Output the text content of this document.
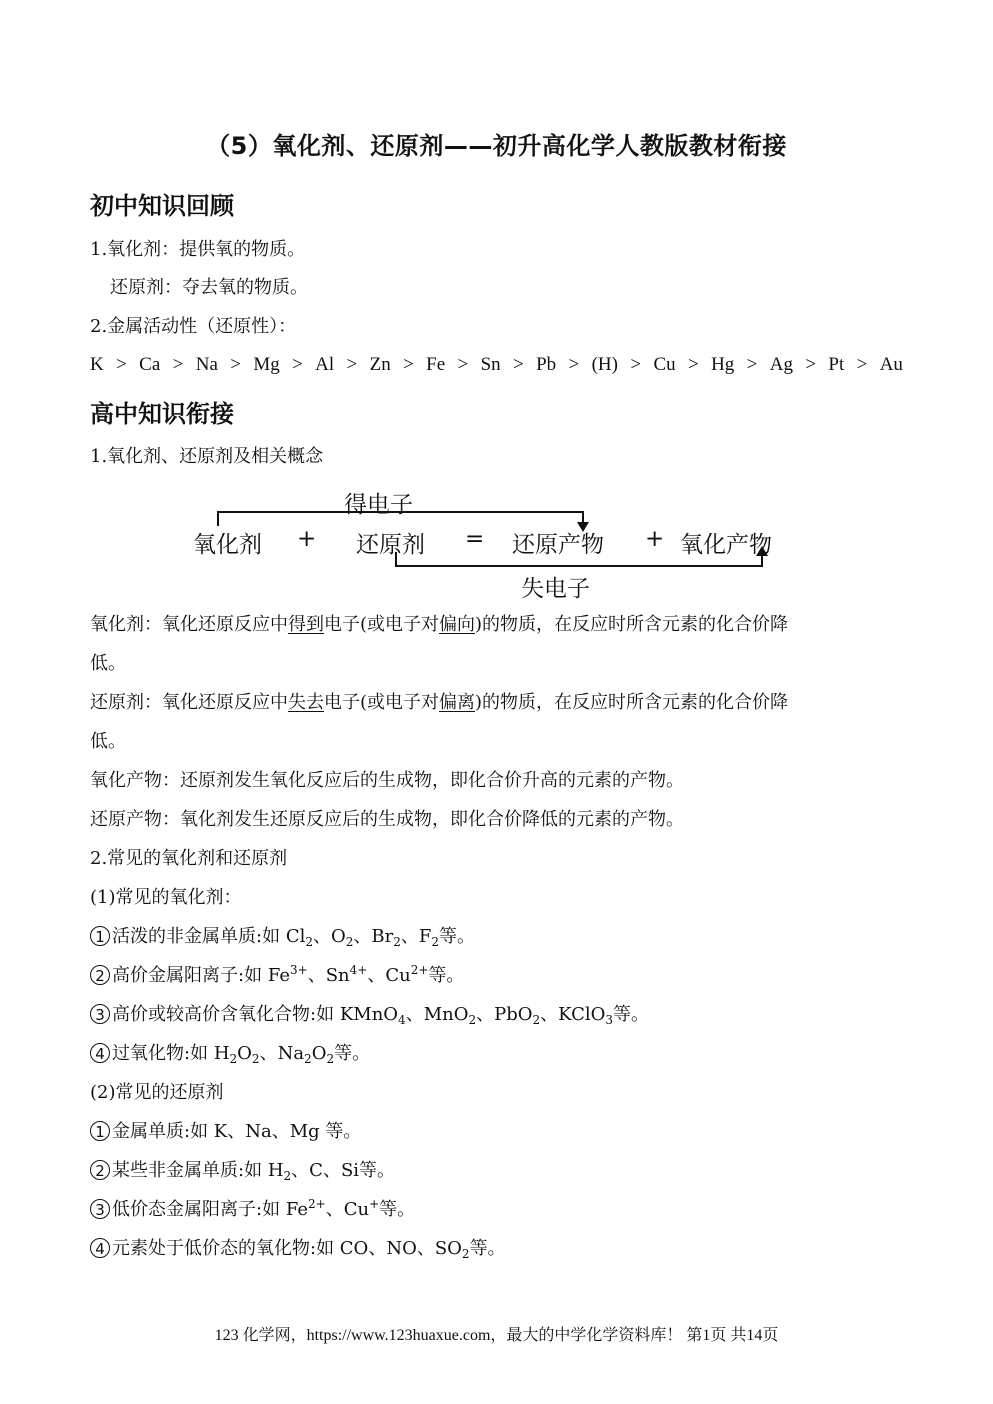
（5）氧化剂、还原剂——初升高化学人教版教材衔接
初中知识回顾
1.氧化剂：提供氧的物质。
还原剂：夺去氧的物质。
2.金属活动性（还原性）：
K > Ca > Na > Mg > Al > Zn > Fe > Sn > Pb > (H) > Cu > Hg > Ag > Pt > Au
高中知识衔接
1.氧化剂、还原剂及相关概念
得电子
氧化剂 + 还原剂 = 还原产物 + 氧化产物
失电子
氧化剂：氧化还原反应中得到电子(或电子对偏向)的物质，在反应时所含元素的化合价降
低。
还原剂：氧化还原反应中失去电子(或电子对偏离)的物质，在反应时所含元素的化合价降
低。
氧化产物：还原剂发生氧化反应后的生成物，即化合价升高的元素的产物。
还原产物：氧化剂发生还原反应后的生成物，即化合价降低的元素的产物。
2.常见的氧化剂和还原剂
(1)常见的氧化剂：
1 活泼的非金属单质:如 $Cl_2$、$O_2$、$Br_2$、$F_2$等。
2 高价金属阳离子:如 $Fe^{3+}$、$Sn^{4+}$、$Cu^{2+}$等。
3 高价或较高价含氧化合物:如 KMnO$_4$、MnO$_2$、PbO$_2$、KClO$_3$等。
4 过氧化物:如 $H_2O_2$、$Na_2O_2$等。
(2)常见的还原剂
1 金属单质:如 K、Na、Mg 等。
2 某些非金属单质:如 $H_2$、C、Si等。
3 低价态金属阳离子:如 $Fe^{2+}$、Cu+等。
4 元素处于低价态的氧化物:如 CO、NO、$SO_2$等。
123 化学网，https://www.123huaxue.com，最大的中学化学资料库！ 第1页 共14页
